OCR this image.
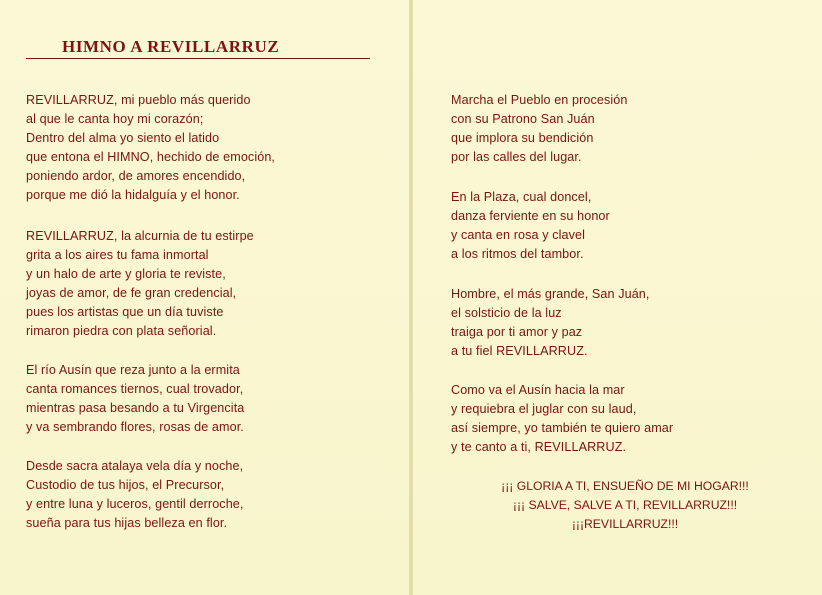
HIMNO A REVILLARRUZ

REVILLARRUZ, mi pueblo más querido
al que le canta hoy mi corazón;
Dentro del alma yo siento el latido
que entona el HIMNO, hechido de emoción,
poniendo ardor, de amores encendido,
porque me dió la hidalguía y el honor.

REVILLARRUZ, la alcurnia de tu estirpe
grita a los aires tu fama inmortal
y un halo de arte y gloria te reviste,
joyas de amor, de fe gran credencial,
pues los artistas que un día tuviste
rimaron piedra con plata señorial.

El río Ausín que reza junto a la ermita
canta romances tiernos, cual trovador,
mientras pasa besando a tu Virgencita
y va sembrando flores, rosas de amor.

Desde sacra atalaya vela día y noche,
Custodio de tus hijos, el Precursor,
y entre luna y luceros, gentil derroche,
sueña para tus hijas belleza en flor.

Marcha el Pueblo en procesión
con su Patrono San Juán
que implora su bendición
por las calles del lugar.

En la Plaza, cual doncel,
danza ferviente en su honor
y canta en rosa y clavel
a los ritmos del tambor.

Hombre, el más grande, San Juán,
el solsticio de la luz
traiga por ti amor y paz
a tu fiel REVILLARRUZ.

Como va el Ausín hacia la mar
y requiebra el juglar con su laud,
así siempre, yo también te quiero amar
y te canto a ti, REVILLARRUZ.

¡¡¡ GLORIA A TI, ENSUEÑO DE MI HOGAR!!!
¡¡¡ SALVE, SALVE A TI, REVILLARRUZ!!!
¡¡¡REVILLARRUZ!!!
